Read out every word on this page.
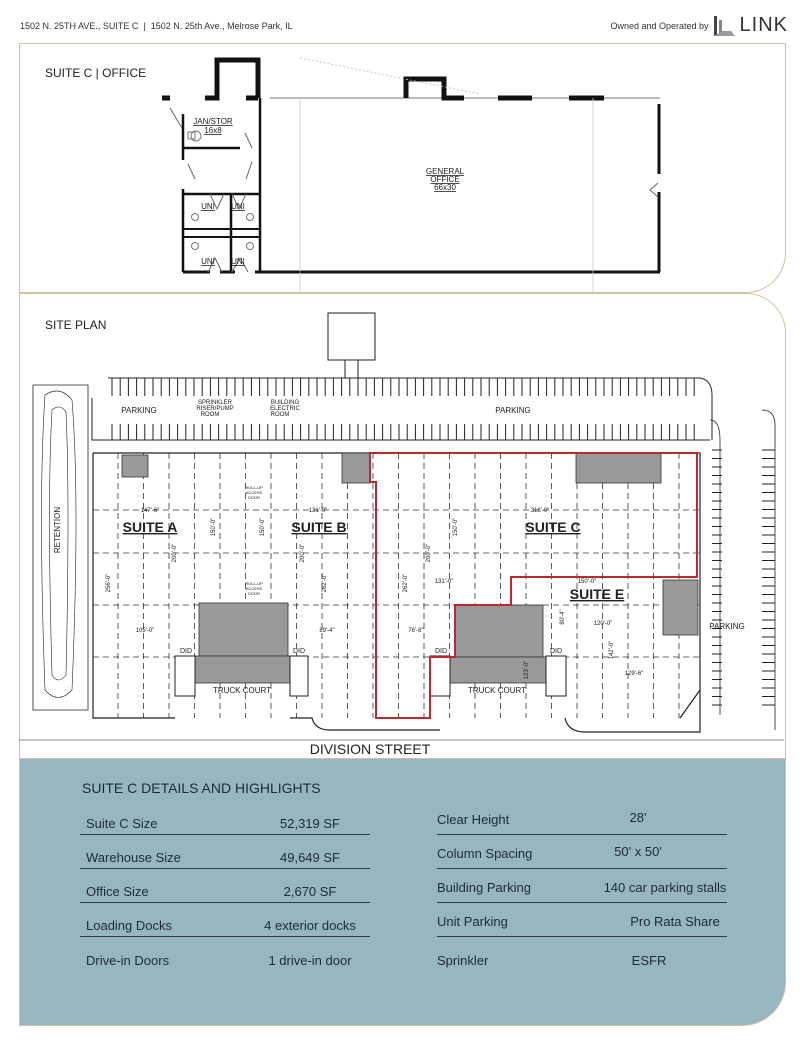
1502 N. 25TH AVE., SUITE C  |  1502 N. 25th Ave., Melrose Park, IL	Owned and Operated by LINK
SUITE C | OFFICE
JAN/STOR
16x8
UNI UNI
UNI UNI
GENERAL
OFFICE
66x30
SITE PLAN
PARKING	PARKING
PARKING
SPRINKLER
RISER/PUMP
ROOM
BUILDING
ELECTRIC
ROOM
ROLL-UP
ACCESS
DOOR
ROLL-UP
ACCESS
DOOR
SUITE A	SUITE B	SUITE C
SUITE E
RETENTION
TRUCK COURT	TRUCK COURT
DID	DID	DID	DID
DIVISION STREET
147'-6"	131'-0"	316'-0"
131'-0"	150'-0"
120'-0"
129'-6"
105'-0"	89'-4"	76'-8"
150'-0"	150'-0"	150'-0"
200'-0"	200'-0"	200'-0"
256'-0"	262'-0"	262'-0"
80'-4"
142'-0"
123'-0"
SUITE C DETAILS AND HIGHLIGHTS
Suite C Size	52,319 SF
Warehouse Size	49,649 SF
Office Size	2,670 SF
Loading Docks	4 exterior docks
Drive-in Doors	1 drive-in door
Clear Height	28'
Column Spacing	50' x 50'
Building Parking	140 car parking stalls
Unit Parking	Pro Rata Share
Sprinkler	ESFR
